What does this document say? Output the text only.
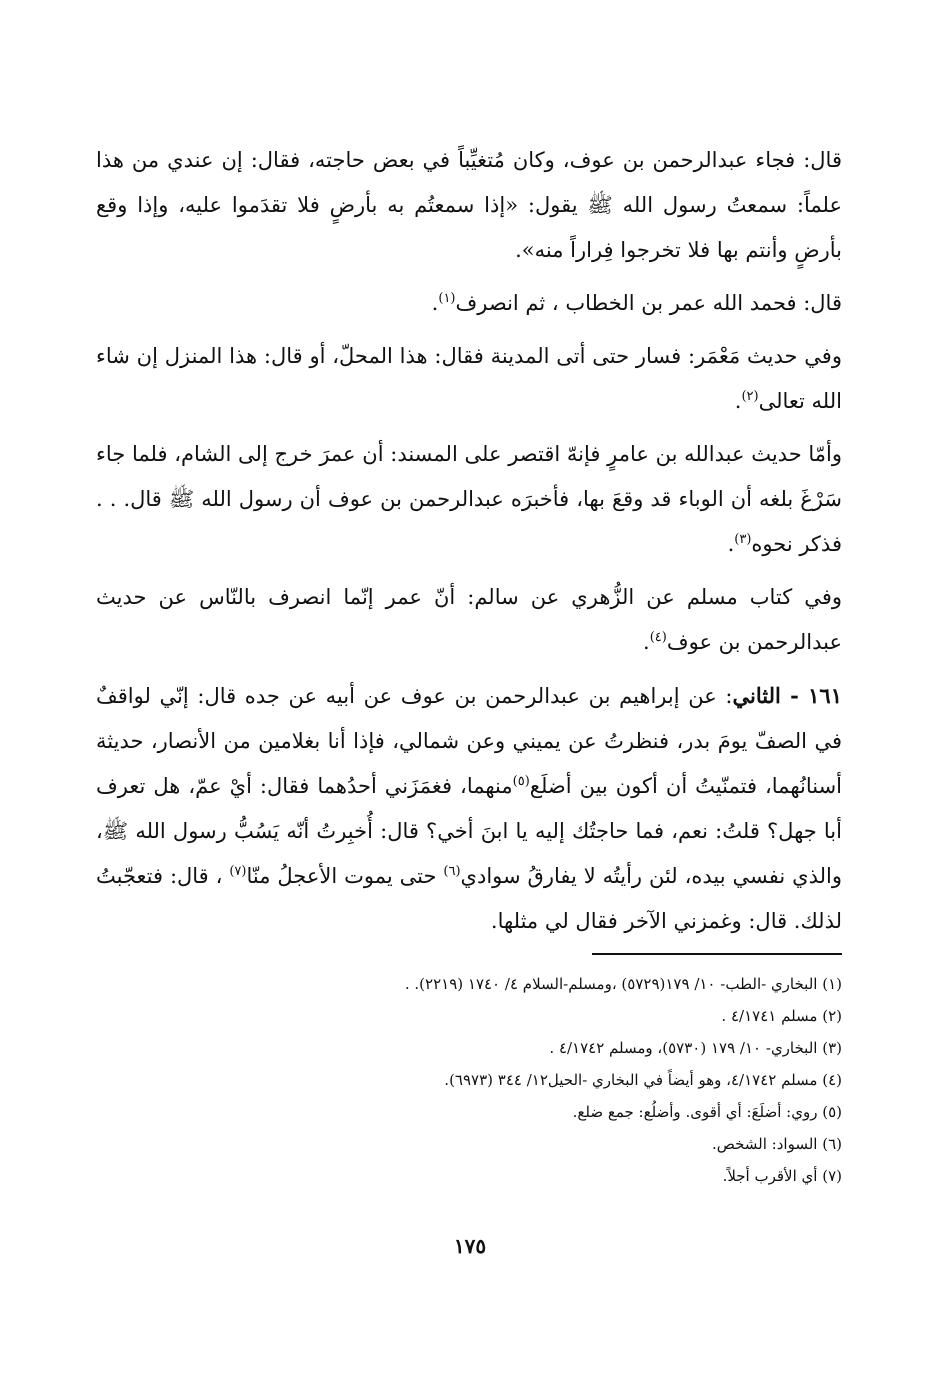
قال: فجاء عبدالرحمن بن عوف، وكان مُتغيِّباً في بعض حاجته، فقال: إن عندي من هذا علماً: سمعتُ رسول الله ﷺ يقول: «إذا سمعتُم به بأرضٍ فلا تقدَموا عليه، وإذا وقع بأرضٍ وأنتم بها فلا تخرجوا فِراراً منه».

قال: فحمد الله عمر بن الخطاب ، ثم انصرف$^{(١)}$.

وفي حديث مَعْمَر: فسار حتى أتى المدينة فقال: هذا المحلّ، أو قال: هذا المنزل إن شاء الله تعالى$^{(٢)}$.

وأمّا حديث عبدالله بن عامرٍ فإنهّ اقتصر على المسند: أن عمرَ خرج إلى الشام، فلما جاء سَرْغَ بلغه أن الوباء قد وقعَ بها، فأخبرَه عبدالرحمن بن عوف أن رسول الله ﷺ قال. . . فذكر نحوه$^{(٣)}$.

وفي كتاب مسلم عن الزُّهري عن سالم: أنّ عمر إنّما انصرف بالنّاس عن حديث عبدالرحمن بن عوف$^{(٤)}$.

١٦١ - الثاني: عن إبراهيم بن عبدالرحمن بن عوف عن أبيه عن جده قال: إنّي لواقفٌ في الصفّ يومَ بدر، فنظرتُ عن يميني وعن شمالي، فإذا أنا بغلامين من الأنصار، حديثة أسنانُهما، فتمنّيتُ أن أكون بين أضلَع$^{(٥)}$منهما، فغمَزَني أحدُهما فقال: أيْ عمّ، هل تعرف أبا جهل؟ قلتُ: نعم، فما حاجتُك إليه يا ابنَ أخي؟ قال: أُخبِرتُ أنّه يَسُبُّ رسول الله ﷺ، والذي نفسي بيده، لئن رأيتُه لا يفارقُ سوادي$^{(٦)}$ حتى يموت الأعجلُ منّا$^{(٧)}$ ، قال: فتعجّبتُ لذلك. قال: وغمزني الآخر فقال لي مثلها.

(١) البخاري -الطب- ١٠/ ١٧٩(٥٧٢٩) ،ومسلم-السلام ٤/ ١٧٤٠ (٢٢١٩). .
(٢) مسلم ٤/١٧٤١ .
(٣) البخاري- ١٠/ ١٧٩ (٥٧٣٠)، ومسلم ٤/١٧٤٢ .
(٤) مسلم ٤/١٧٤٢، وهو أيضاً في البخاري -الحيل١٢/ ٣٤٤ (٦٩٧٣).
(٥) روي: أضلَعَ: أي أقوى. وأضلُع: جمع ضلع.
(٦) السواد: الشخص.
(٧) أي الأقرب أجلاً.
١٧٥
